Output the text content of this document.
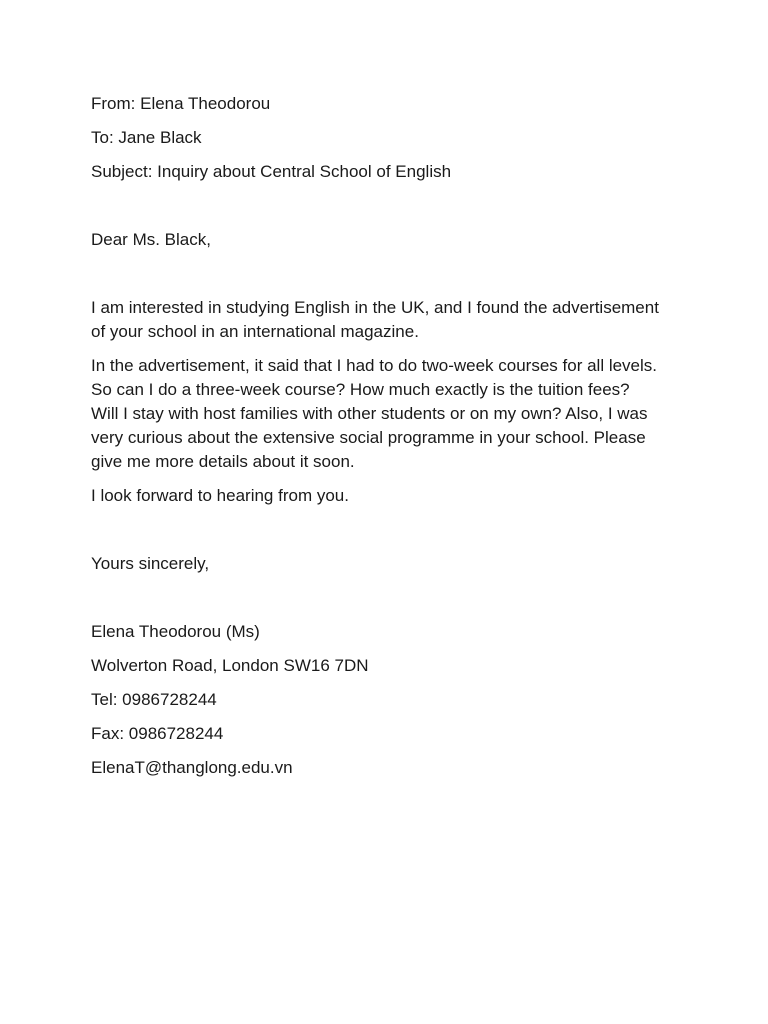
From: Elena Theodorou

To: Jane Black

Subject: Inquiry about Central School of English

Dear Ms. Black,

I am interested in studying English in the UK, and I found the advertisement

of your school in an international magazine.

In the advertisement, it said that I had to do two-week courses for all levels.

So can I do a three-week course? How much exactly is the tuition fees?

Will I stay with host families with other students or on my own? Also, I was

very curious about the extensive social programme in your school. Please

give me more details about it soon.

I look forward to hearing from you.

Yours sincerely,

Elena Theodorou (Ms)

Wolverton Road, London SW16 7DN

Tel: 0986728244

Fax: 0986728244

ElenaT@thanglong.edu.vn
